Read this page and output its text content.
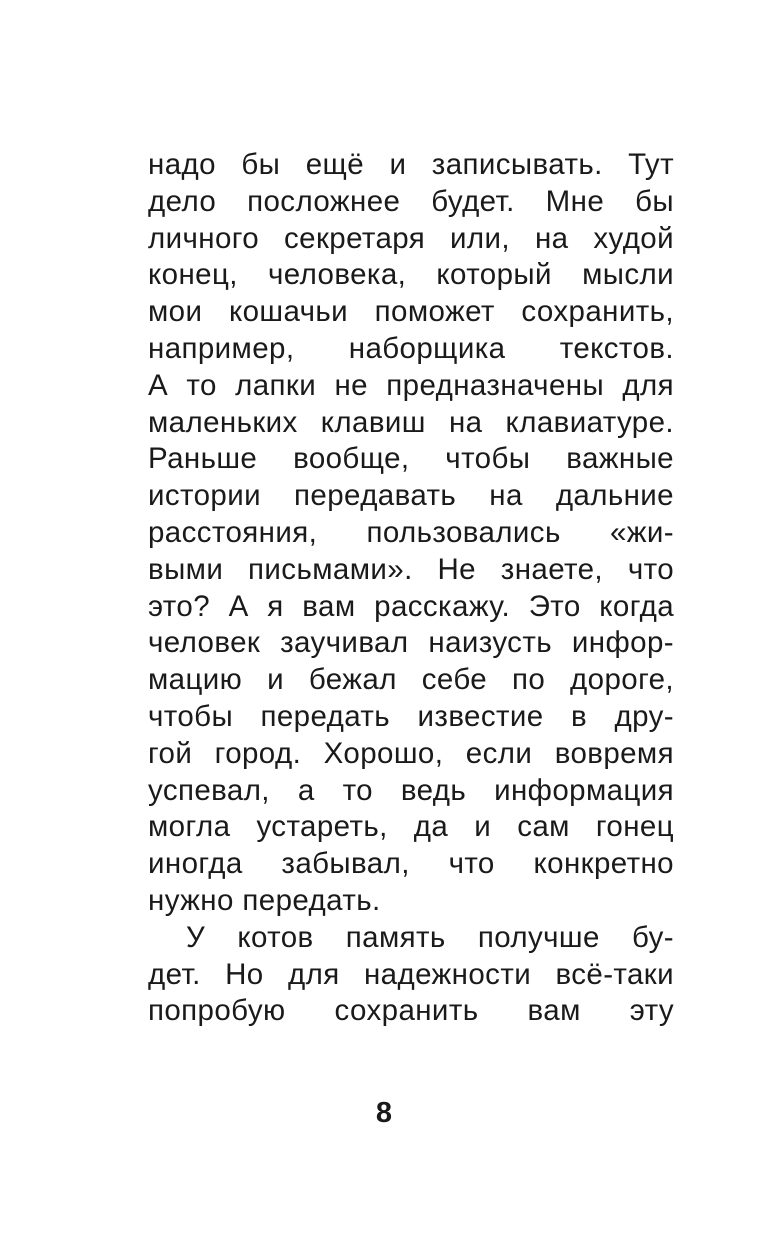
надо бы ещё и записывать. Тут
дело посложнее будет. Мне бы
личного секретаря или, на худой
конец, человека, который мысли
мои кошачьи поможет сохранить,
например, наборщика текстов.
А то лапки не предназначены для
маленьких клавиш на клавиатуре.
Раньше вообще, чтобы важные
истории передавать на дальние
расстояния, пользовались «жи-
выми письмами». Не знаете, что
это? А я вам расскажу. Это когда
человек заучивал наизусть инфор-
мацию и бежал себе по дороге,
чтобы передать известие в дру-
гой город. Хорошо, если вовремя
успевал, а то ведь информация
могла устареть, да и сам гонец
иногда забывал, что конкретно
нужно передать.
У котов память получше бу-
дет. Но для надежности всё-таки
попробую сохранить вам эту
8
